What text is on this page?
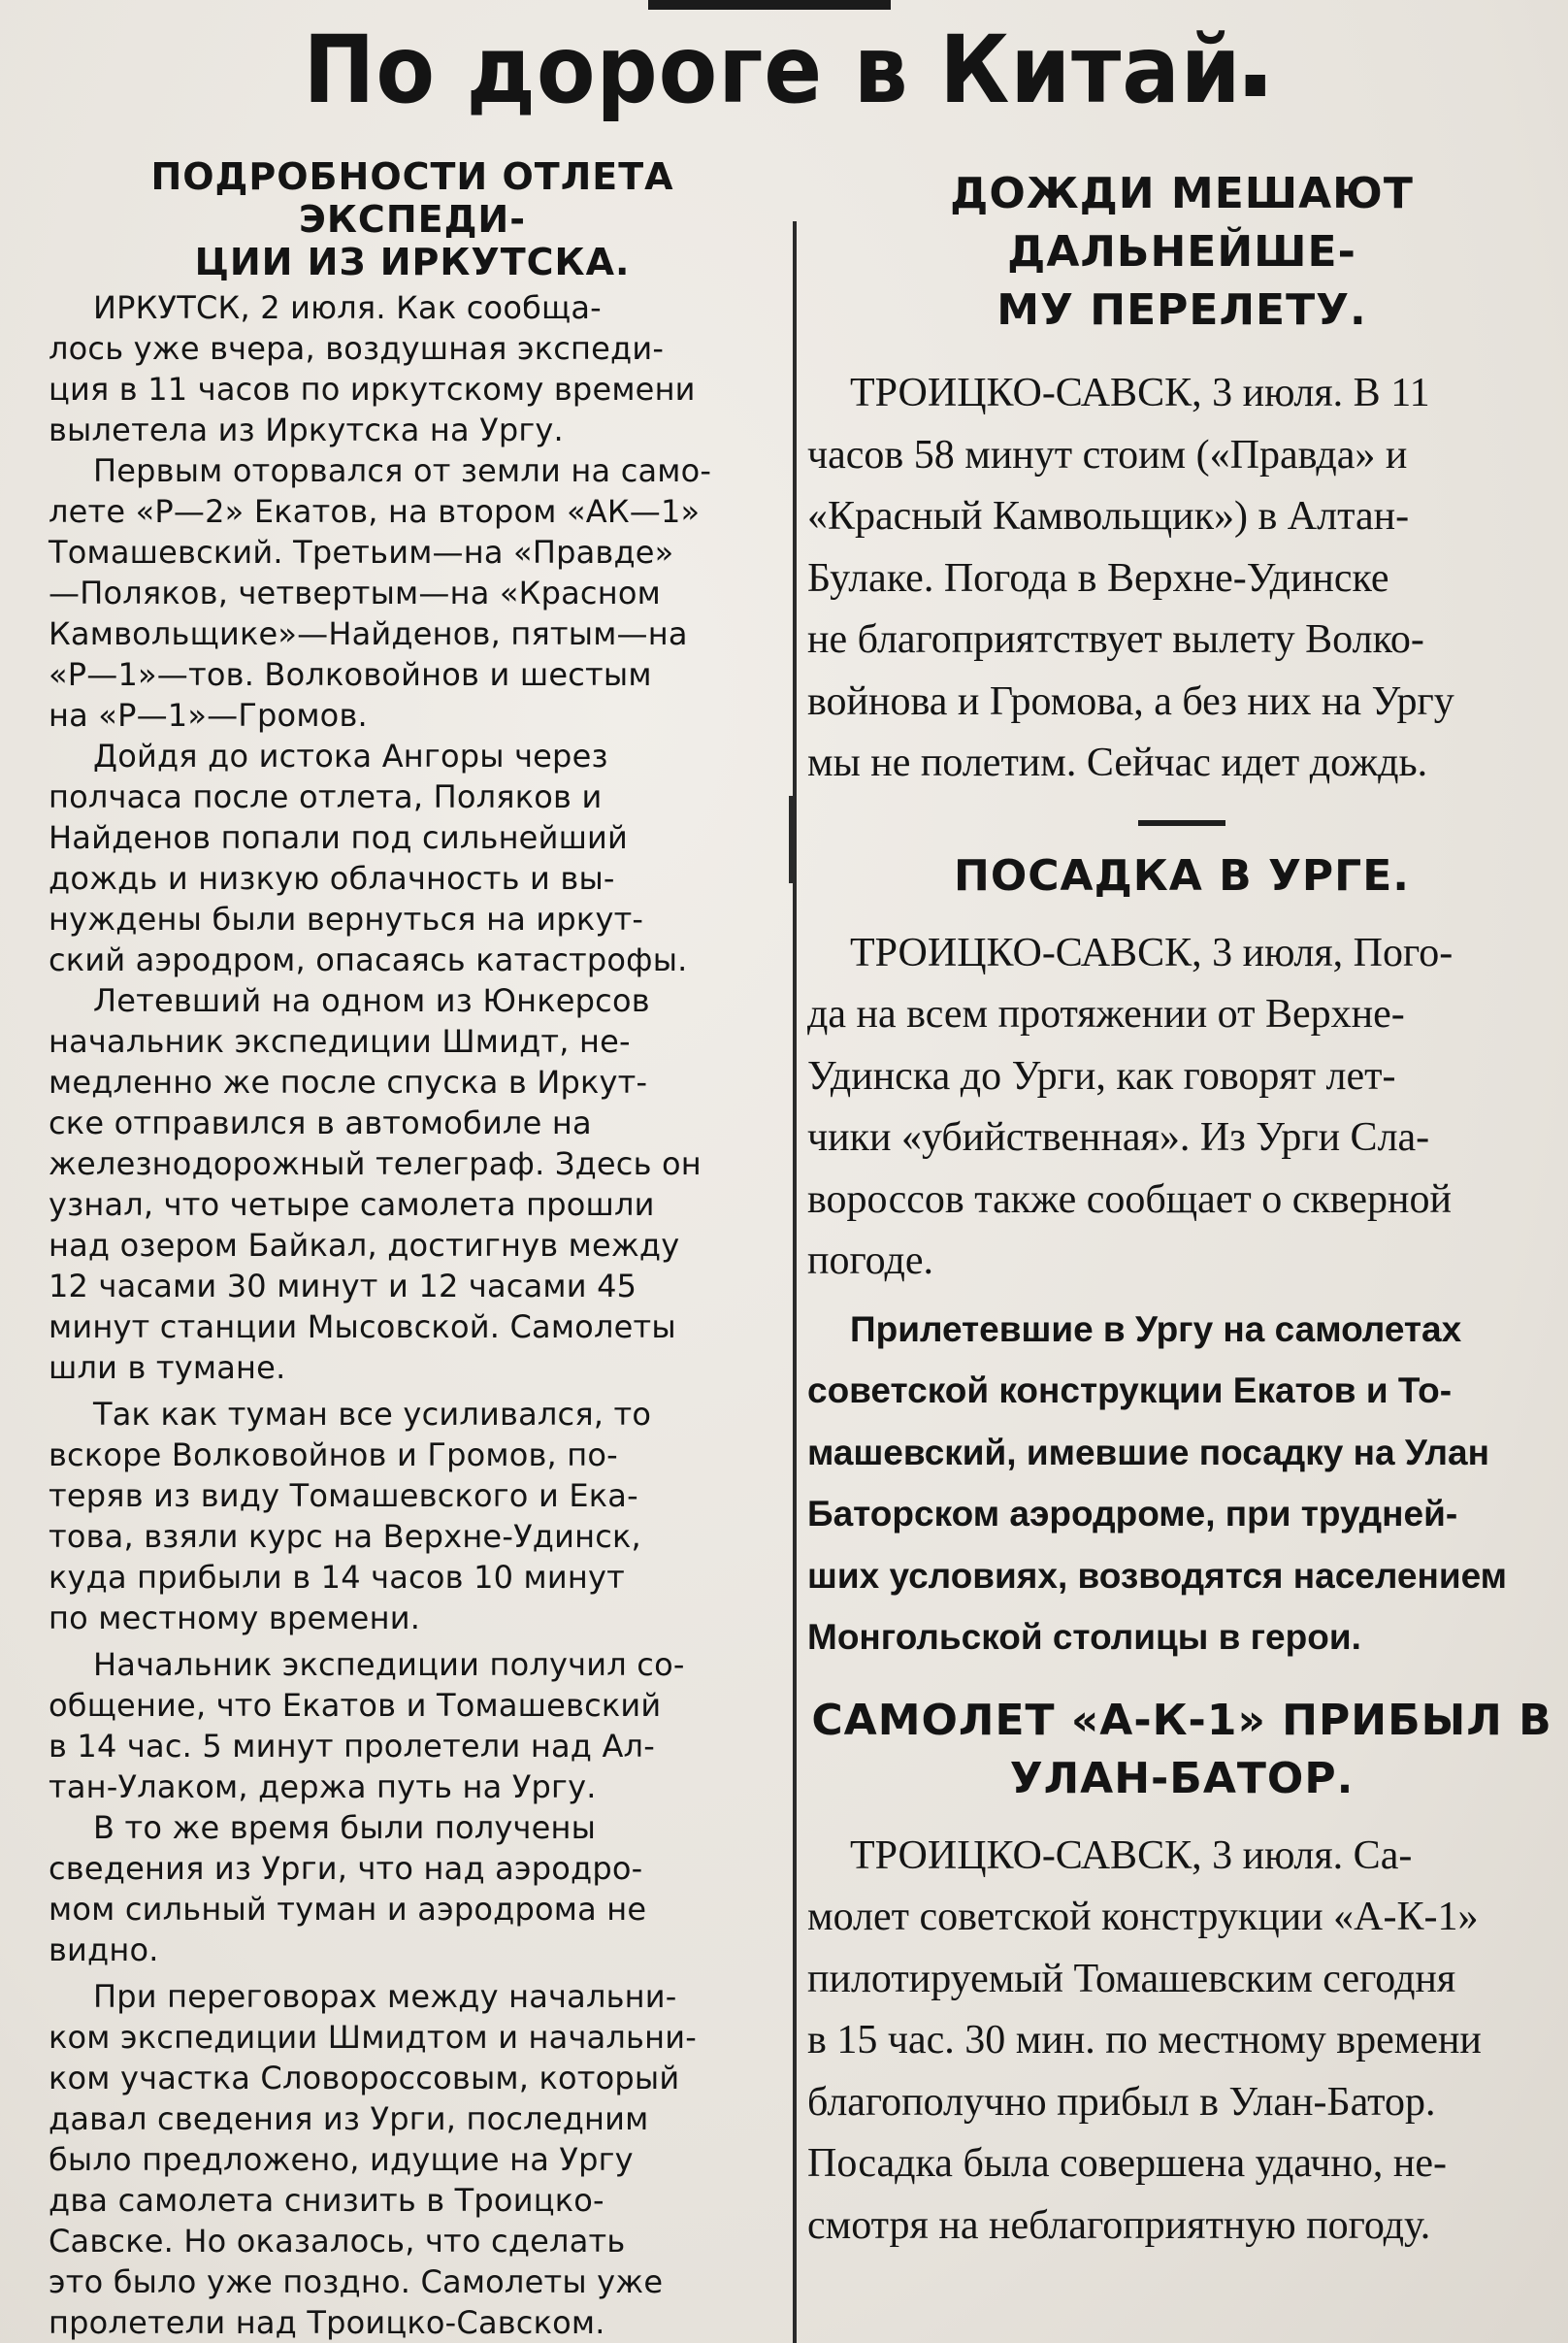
По дороге в Китай
ПОДРОБНОСТИ ОТЛЕТА ЭКСПЕДИ-
ЦИИ ИЗ ИРКУТСКА.

ИРКУТСК, 2 июля. Как сообща-
лось уже вчера, воздушная экспеди-
ция в 11 часов по иркутскому времени
вылетела из Иркутска на Ургу.

Первым оторвался от земли на само-
лете «Р—2» Екатов, на втором «АК—1»
Томашевский. Третьим—на «Правде»
—Поляков, четвертым—на «Красном
Камвольщике»—Найденов, пятым—на
«Р—1»—тов. Волковойнов и шестым
на «Р—1»—Громов.

Дойдя до истока Ангоры через
полчаса после отлета, Поляков и
Найденов попали под сильнейший
дождь и низкую облачность и вы-
нуждены были вернуться на иркут-
ский аэродром, опасаясь катастрофы.

Летевший на одном из Юнкерсов
начальник экспедиции Шмидт, не-
медленно же после спуска в Иркут-
ске отправился в автомобиле на
железнодорожный телеграф. Здесь он
узнал, что четыре самолета прошли
над озером Байкал, достигнув между
12 часами 30 минут и 12 часами 45
минут станции Мысовской. Самолеты
шли в тумане.

Так как туман все усиливался, то
вскоре Волковойнов и Громов, по-
теряв из виду Томашевского и Ека-
това, взяли курс на Верхне-Удинск,
куда прибыли в 14 часов 10 минут
по местному времени.

Начальник экспедиции получил со-
общение, что Екатов и Томашевский
в 14 час. 5 минут пролетели над Ал-
тан-Улаком, держа путь на Ургу.

В то же время были получены
сведения из Урги, что над аэродро-
мом сильный туман и аэродрома не
видно.

При переговорах между начальни-
ком экспедиции Шмидтом и начальни-
ком участка Словороссовым, который
давал сведения из Урги, последним
было предложено, идущие на Ургу
два самолета снизить в Троицко-
Савске. Но оказалось, что сделать
это было уже поздно. Самолеты уже
пролетели над Троицко-Савском.

ДОЖДИ МЕШАЮТ ДАЛЬНЕЙШЕ-
МУ ПЕРЕЛЕТУ.

ТРОИЦКО-САВСК, 3 июля. В 11
часов 58 минут стоим («Правда» и
«Красный Камвольщик») в Алтан-
Булаке. Погода в Верхне-Удинске
не благоприятствует вылету Волко-
войнова и Громова, а без них на Ургу
мы не полетим. Сейчас идет дождь.

ПОСАДКА В УРГЕ.

ТРОИЦКО-САВСК, 3 июля, Пого-
да на всем протяжении от Верхне-
Удинска до Урги, как говорят лет-
чики «убийственная». Из Урги Сла-
воросcов также сообщает о скверной
погоде.

Прилетевшие в Ургу на самолетах
советской конструкции Екатов и То-
машевский, имевшие посадку на Улан
Баторском аэродроме, при трудней-
ших условиях, возводятся населением
Монгольской столицы в герои.

САМОЛЕТ «А-К-1» ПРИБЫЛ В
УЛАН-БАТОР.

ТРОИЦКО-САВСК, 3 июля. Са-
молет советской конструкции «А-К-1»
пилотируемый Томашевским сегодня
в 15 час. 30 мин. по местному времени
благополучно прибыл в Улан-Батор.
Посадка была совершена удачно, не-
смотря на неблагоприятную погоду.
